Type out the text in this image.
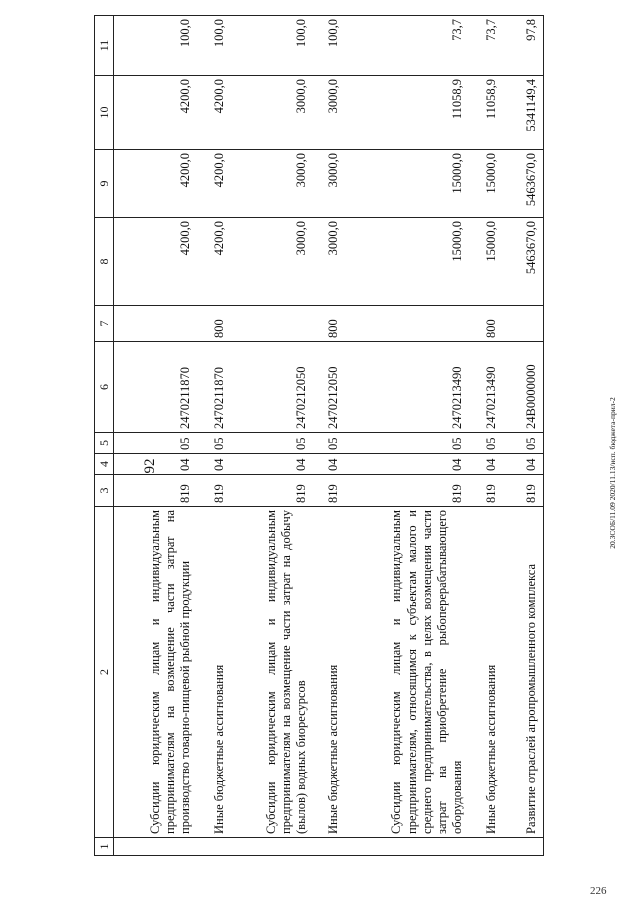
92	20.3СОБ/11.09 2020/11.13/исп. бюджета-прил-2
226
1	2	3	4	5	6	7	8	9	10	11
	Субсидии юридическим лицам и индивидуальным предпринимателям на возмещение части затрат на производство товарно-пищевой рыбной продукции	819	04	05	2470211870		4200,0	4200,0	4200,0	100,0
	Иные бюджетные ассигнования	819	04	05	2470211870	800	4200,0	4200,0	4200,0	100,0
	Субсидии юридическим лицам и индивидуальным предпринимателям на возмещение части затрат на добычу (вылов) водных биоресурсов	819	04	05	2470212050		3000,0	3000,0	3000,0	100,0
	Иные бюджетные ассигнования	819	04	05	2470212050	800	3000,0	3000,0	3000,0	100,0
	Субсидии юридическим лицам и индивидуальным предпринимателям, относящимся к субъектам малого и среднего предпринимательства, в целях возмещения части затрат на приобретение рыбоперерабатывающего оборудования	819	04	05	2470213490		15000,0	15000,0	11058,9	73,7
	Иные бюджетные ассигнования	819	04	05	2470213490	800	15000,0	15000,0	11058,9	73,7
	Развитие отраслей агропромышленного комплекса	819	04	05	24В0000000		5463670,0	5463670,0	5341149,4	97,8
